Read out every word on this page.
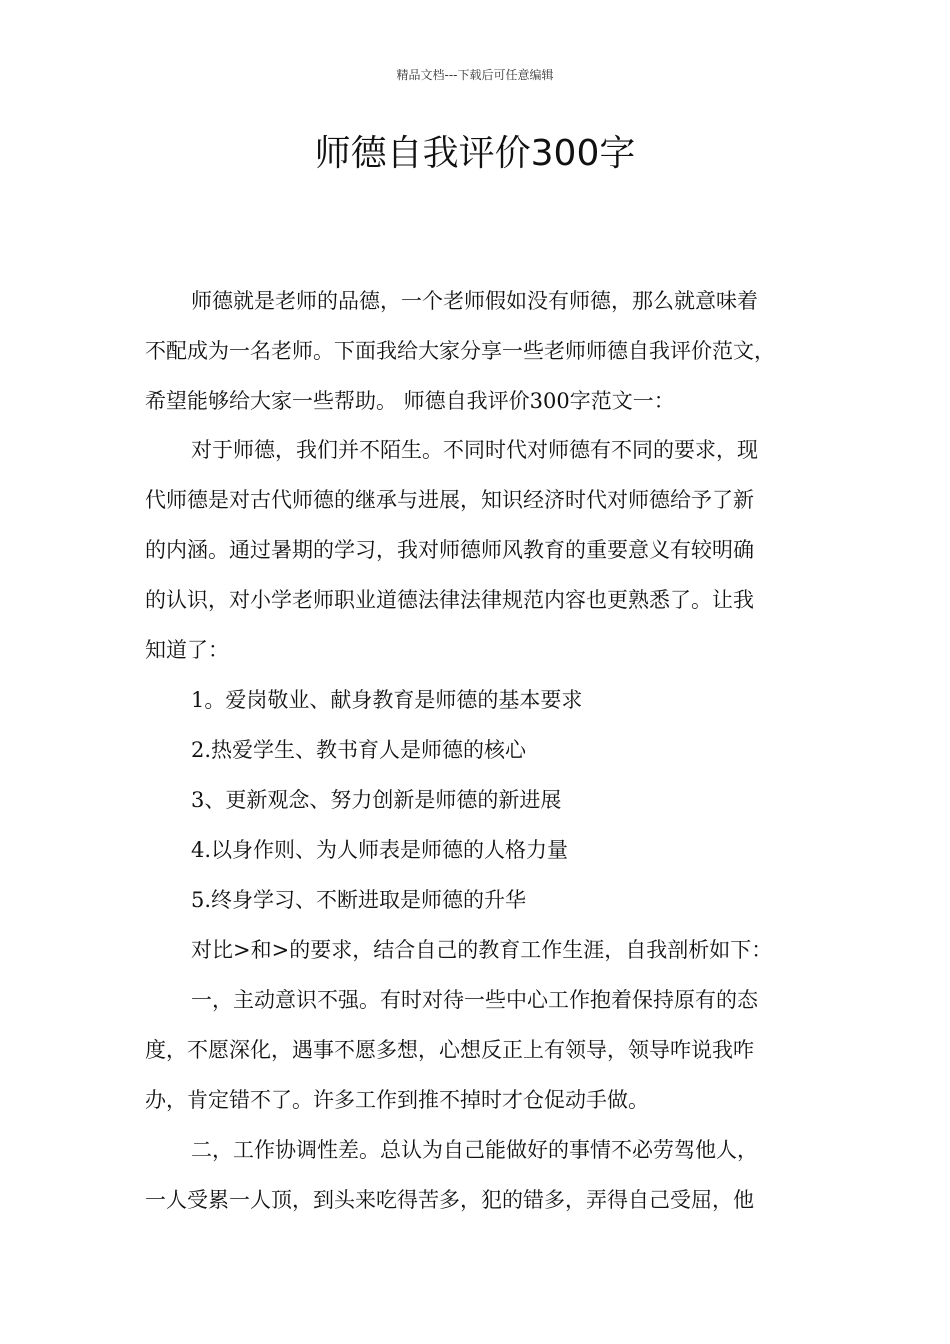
精品文档---下载后可任意编辑
师德自我评价300字
师德就是老师的品德，一个老师假如没有师德，那么就意味着
不配成为一名老师。下面我给大家分享一些老师师德自我评价范文，
希望能够给大家一些帮助。 师德自我评价300字范文一：
对于师德，我们并不陌生。不同时代对师德有不同的要求，现
代师德是对古代师德的继承与进展，知识经济时代对师德给予了新
的内涵。通过暑期的学习，我对师德师风教育的重要意义有较明确
的认识，对小学老师职业道德法律法律规范内容也更熟悉了。让我
知道了：
1。爱岗敬业、献身教育是师德的基本要求
2.热爱学生、教书育人是师德的核心
3、更新观念、努力创新是师德的新进展
4.以身作则、为人师表是师德的人格力量
5.终身学习、不断进取是师德的升华
对比>和>的要求，结合自己的教育工作生涯，自我剖析如下：
一，主动意识不强。有时对待一些中心工作抱着保持原有的态
度，不愿深化，遇事不愿多想，心想反正上有领导，领导咋说我咋
办，肯定错不了。许多工作到推不掉时才仓促动手做。
二，工作协调性差。总认为自己能做好的事情不必劳驾他人，
一人受累一人顶，到头来吃得苦多，犯的错多，弄得自己受屈，他
